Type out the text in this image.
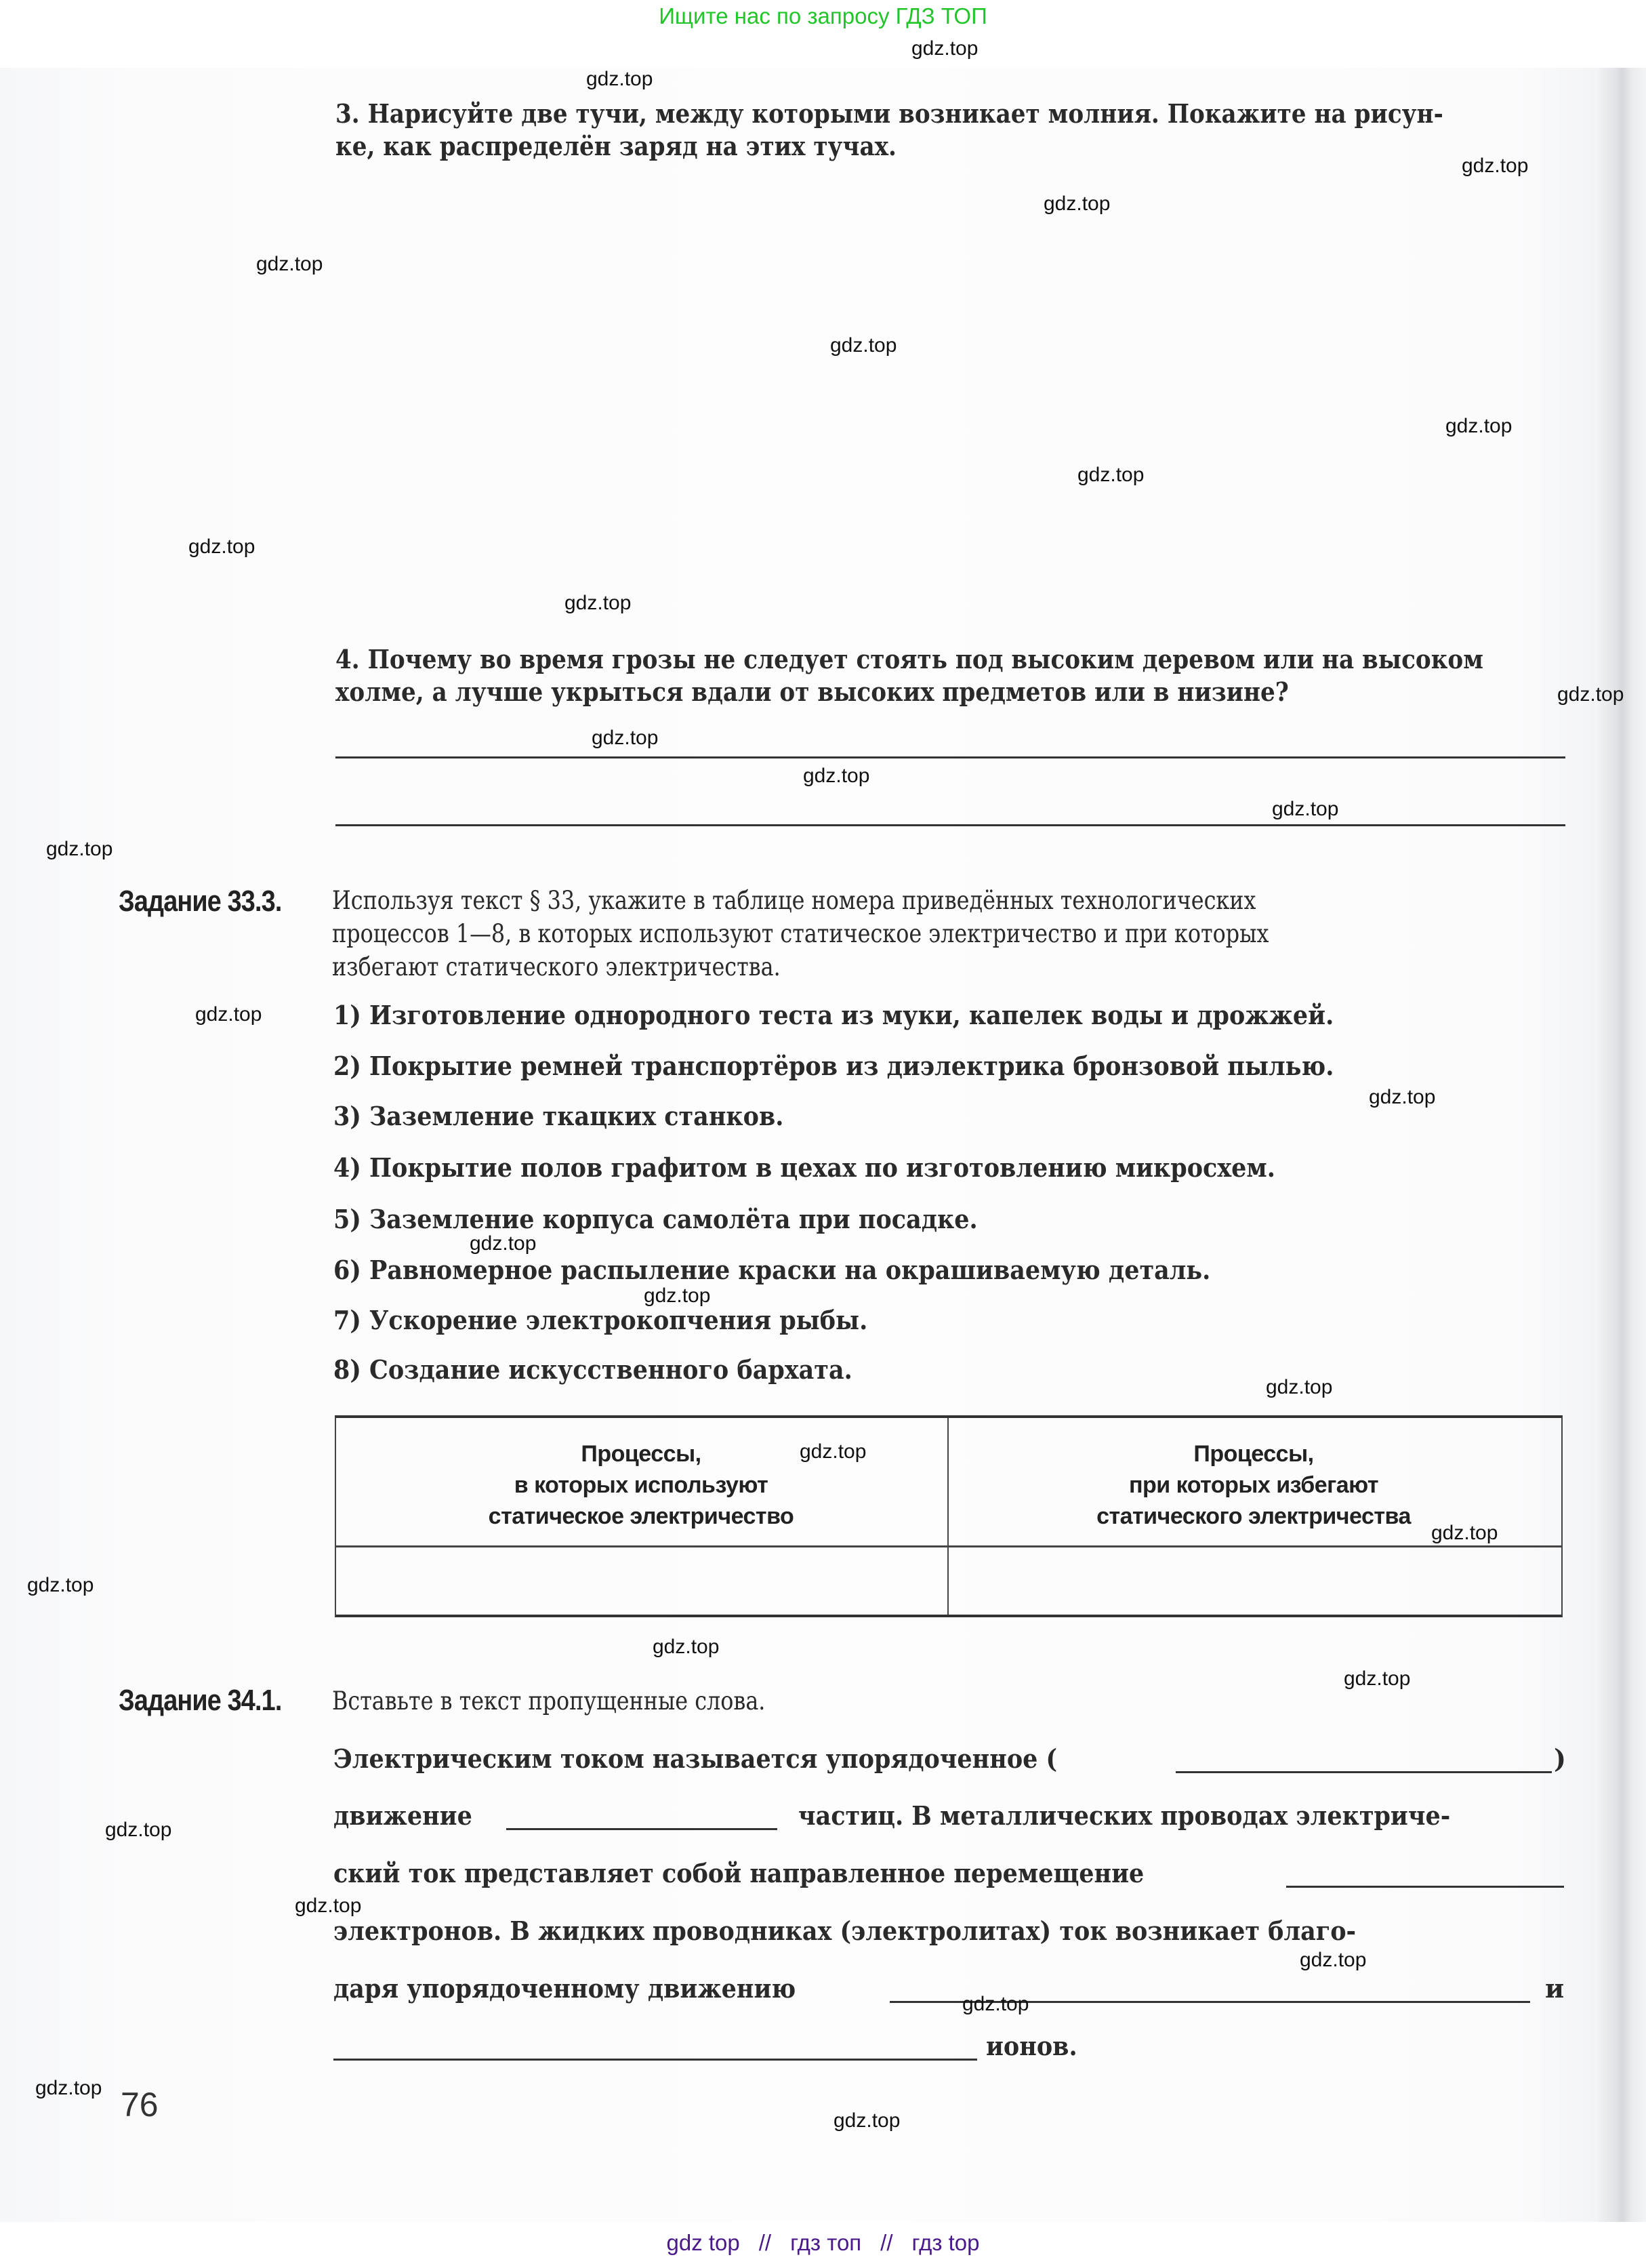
Ищите нас по запросу ГДЗ ТОП
3. Нарисуйте две тучи, между которыми возникает молния. Покажите на рисун-
ке, как распределён заряд на этих тучах.
4. Почему во время грозы не следует стоять под высоким деревом или на высоком
холме, а лучше укрыться вдали от высоких предметов или в низине?
Задание 33.3. Используя текст § 33, укажите в таблице номера приведённых технологических
процессов 1—8, в которых используют статическое электричество и при которых
избегают статического электричества.
1) Изготовление однородного теста из муки, капелек воды и дрожжей.
2) Покрытие ремней транспортёров из диэлектрика бронзовой пылью.
3) Заземление ткацких станков.
4) Покрытие полов графитом в цехах по изготовлению микросхем.
5) Заземление корпуса самолёта при посадке.
6) Равномерное распыление краски на окрашиваемую деталь.
7) Ускорение электрокопчения рыбы.
8) Создание искусственного бархата.
Процессы,
в которых используют
статическое электричество
Процессы,
при которых избегают
статического электричества
Задание 34.1. Вставьте в текст пропущенные слова.
Электрическим током называется упорядоченное (	)
движение	частиц. В металлических проводах электриче-
ский ток представляет собой направленное перемещение
электронов. В жидких проводниках (электролитах) ток возникает благо-
даря упорядоченному движению	и
ионов.
76
gdz.top
gdz.top
gdz.top
gdz.top
gdz.top
gdz.top
gdz.top
gdz.top
gdz.top
gdz.top
gdz.top
gdz.top
gdz.top
gdz.top
gdz.top
gdz.top
gdz.top
gdz.top
gdz.top
gdz.top
gdz.top
gdz.top
gdz.top
gdz.top
gdz.top
gdz.top
gdz.top
gdz.top
gdz.top
gdz.top
gdz.top
gdz top // гдз топ // гдз top
